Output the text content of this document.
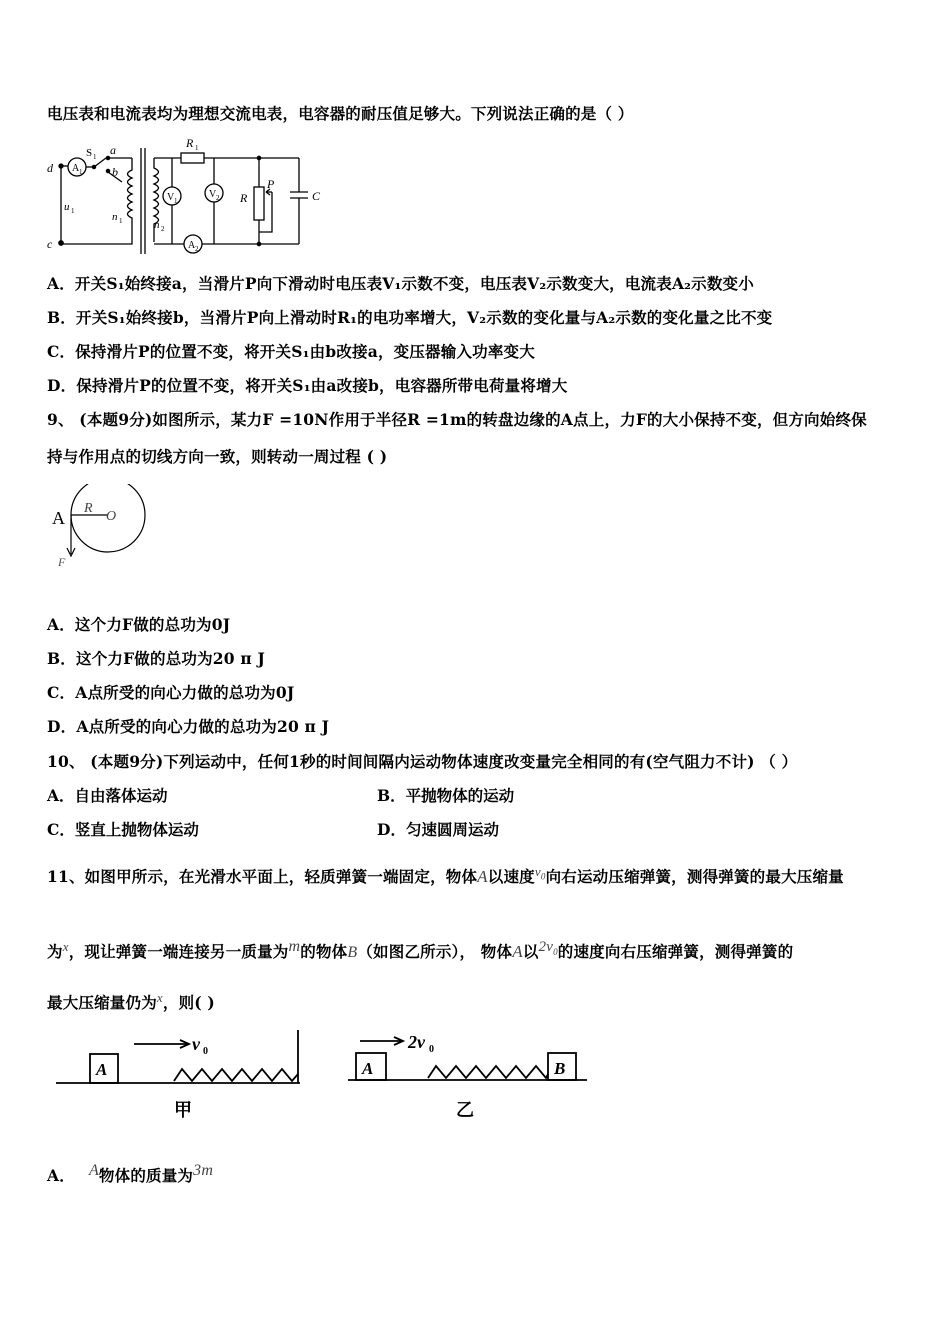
电压表和电流表均为理想交流电表，电容器的耐压值足够大。下列说法正确的是（ ）
d
c
A 1
S 1 a
b
u 1	n 1	n 2
V 1
V 2
A 2
R 1
R
P
C
A．开关S₁始终接a，当滑片P向下滑动时电压表V₁示数不变，电压表V₂示数变大，电流表A₂示数变小
B．开关S₁始终接b，当滑片P向上滑动时R₁的电功率增大，V₂示数的变化量与A₂示数的变化量之比不变
C．保持滑片P的位置不变，将开关S₁由b改接a，变压器输入功率变大
D．保持滑片P的位置不变，将开关S₁由a改接b，电容器所带电荷量将增大
9、 (本题9分)如图所示，某力F =10N作用于半径R =1m的转盘边缘的A点上，力F的大小保持不变，但方向始终保
持与作用点的切线方向一致，则转动一周过程 ( )
A R
O
F
A．这个力F做的总功为0J
B．这个力F做的总功为20 π J
C．A点所受的向心力做的总功为0J
D．A点所受的向心力做的总功为20 π J
10、 (本题9分)下列运动中，任何1秒的时间间隔内运动物体速度改变量完全相同的有(空气阻力不计) （ ）
A．自由落体运动	B．平抛物体的运动
C．竖直上抛物体运动	D．匀速圆周运动
11、如图甲所示，在光滑水平面上，轻质弹簧一端固定，物体A以速度$^{v_0}$向右运动压缩弹簧，测得弹簧的最大压缩量
为$^x$，现让弹簧一端连接另一质量为$^m$的物体B（如图乙所示）， 物体A以$^{2v_0}$的速度向右压缩弹簧，测得弹簧的
最大压缩量仍为$^x$，则( )
A
v 0
甲
A	B
2v 0
乙
A． $^A$物体的质量为$^{3m}$
